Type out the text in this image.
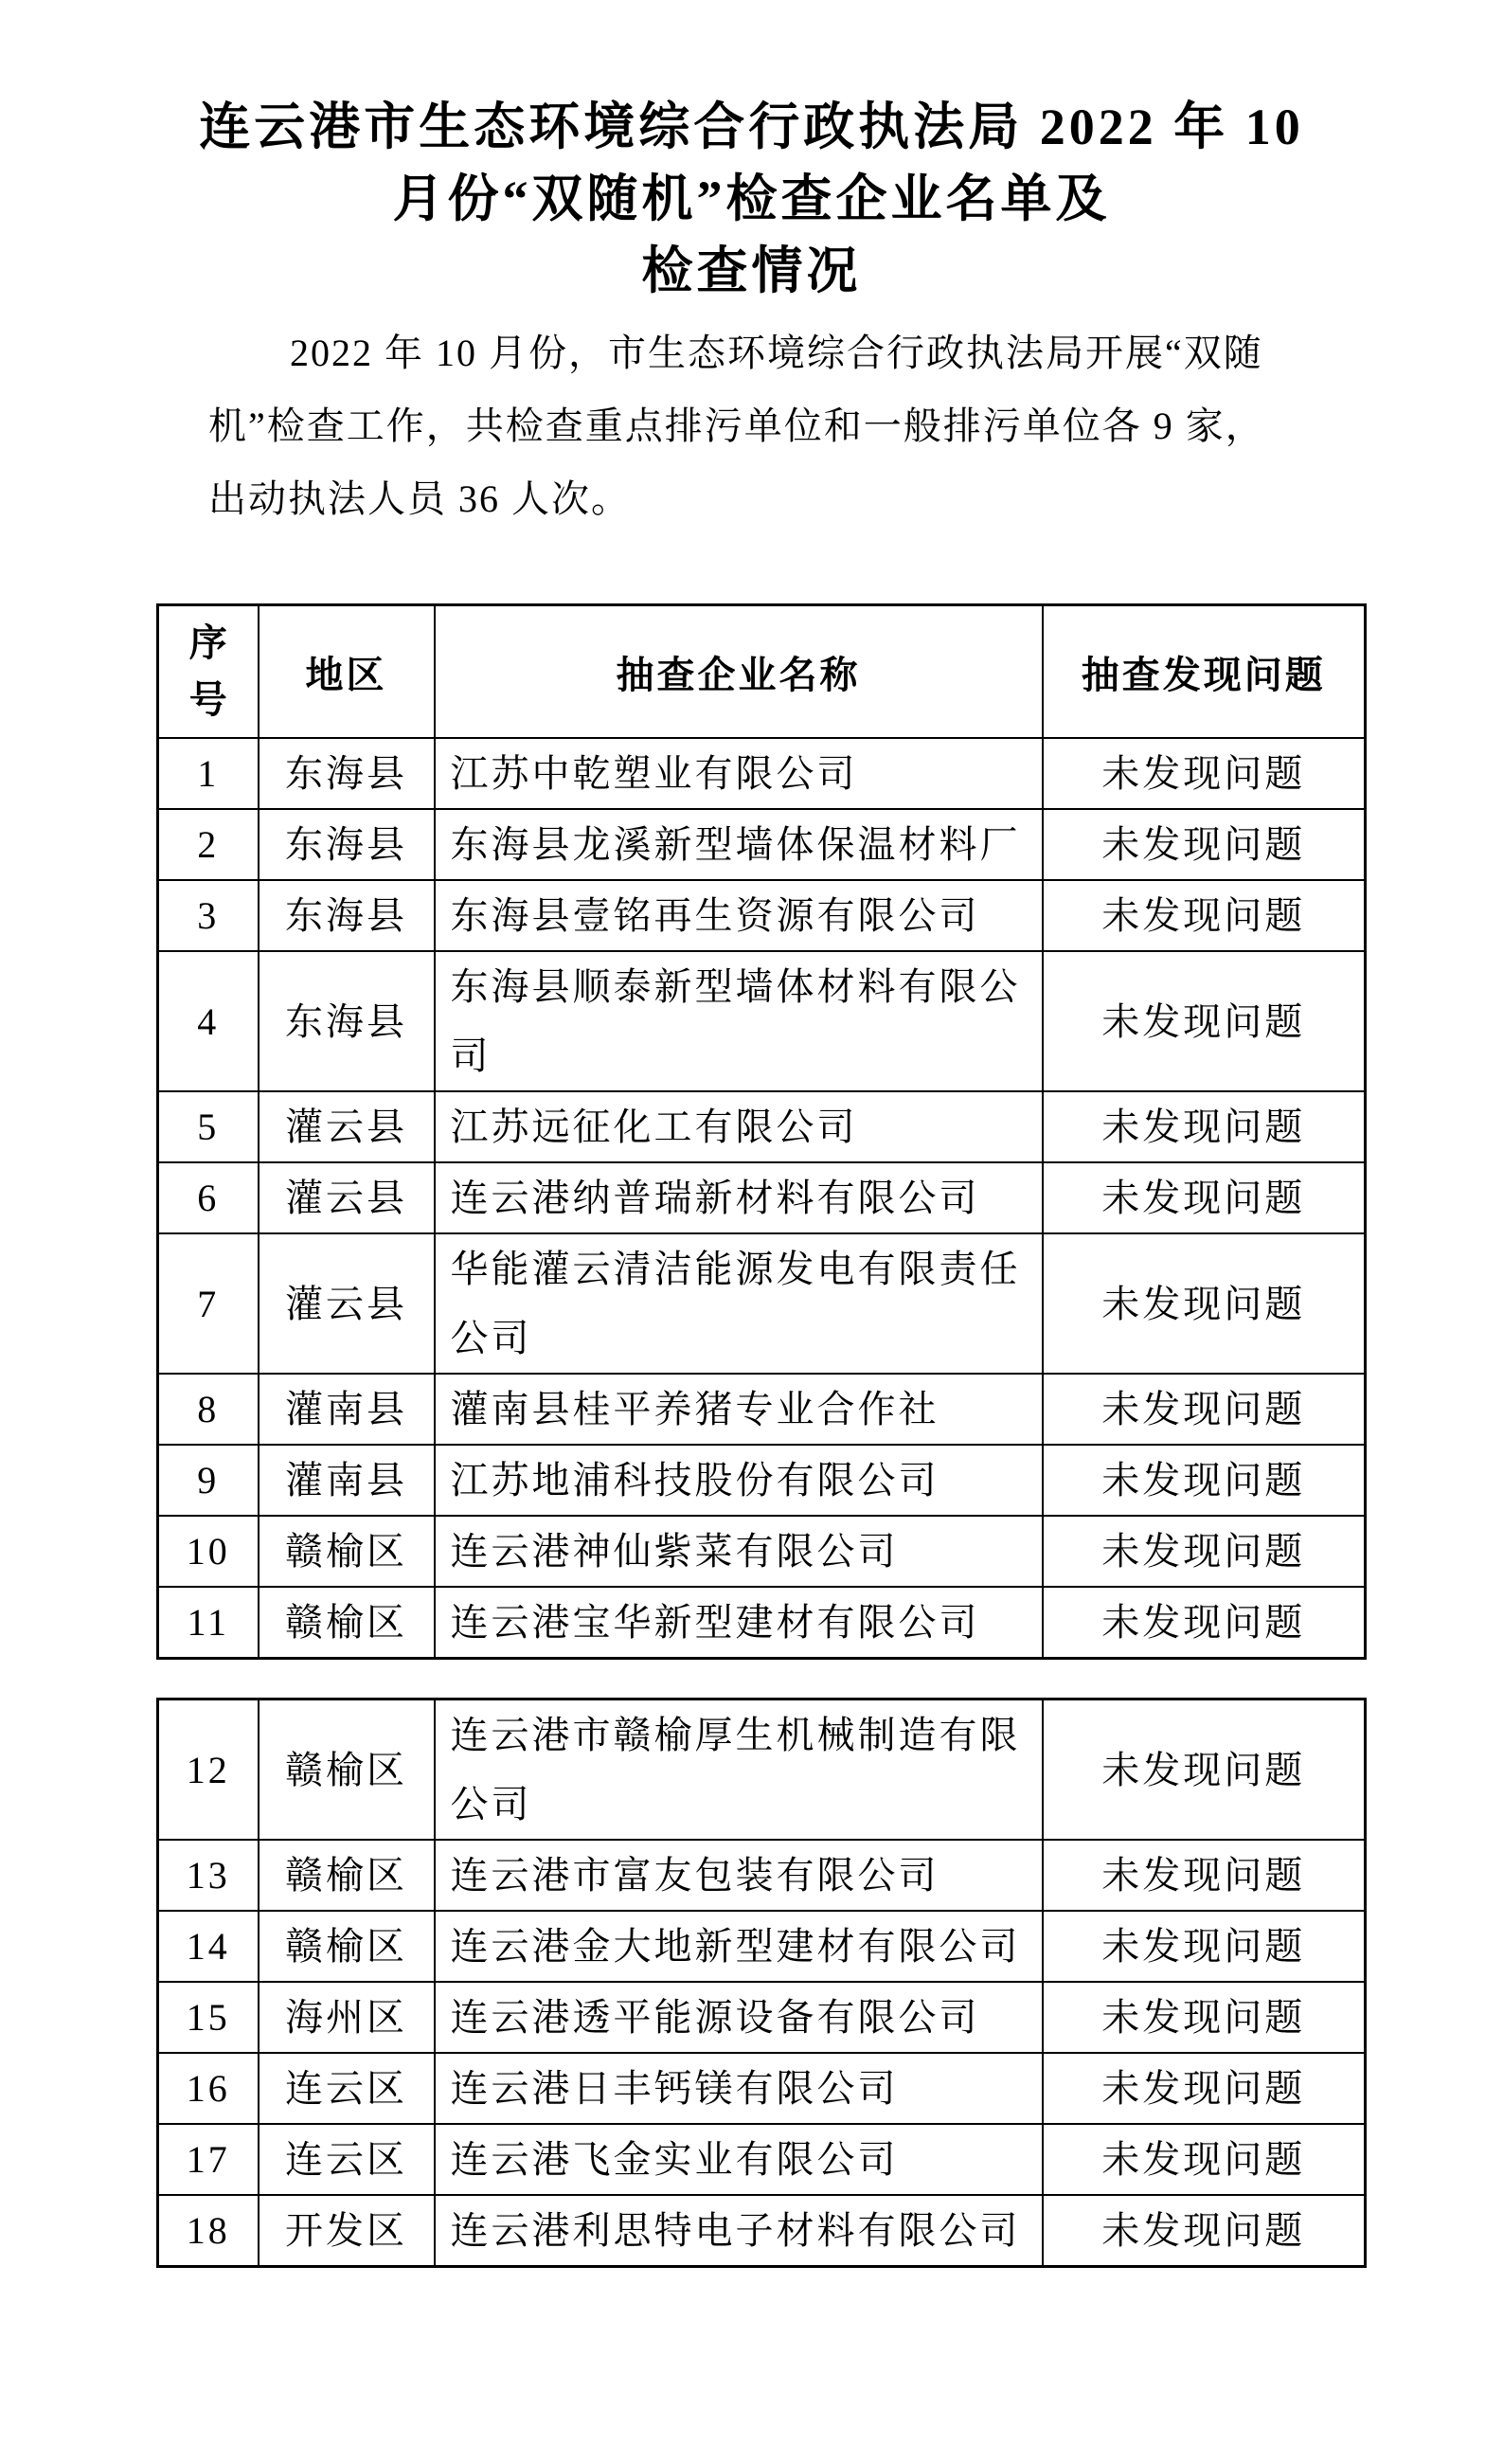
连云港市生态环境综合行政执法局 2022 年 10
月份“双随机”检查企业名单及
检查情况
2022 年 10 月份，市生态环境综合行政执法局开展“双随
机”检查工作，共检查重点排污单位和一般排污单位各 9 家，
出动执法人员 36 人次。
序号	地区	抽查企业名称	抽查发现问题
1	东海县	江苏中乾塑业有限公司	未发现问题
2	东海县	东海县龙溪新型墙体保温材料厂	未发现问题
3	东海县	东海县壹铭再生资源有限公司	未发现问题
4	东海县	东海县顺泰新型墙体材料有限公司	未发现问题
5	灌云县	江苏远征化工有限公司	未发现问题
6	灌云县	连云港纳普瑞新材料有限公司	未发现问题
7	灌云县	华能灌云清洁能源发电有限责任公司	未发现问题
8	灌南县	灌南县桂平养猪专业合作社	未发现问题
9	灌南县	江苏地浦科技股份有限公司	未发现问题
10	赣榆区	连云港神仙紫菜有限公司	未发现问题
11	赣榆区	连云港宝华新型建材有限公司	未发现问题
12	赣榆区	连云港市赣榆厚生机械制造有限公司	未发现问题
13	赣榆区	连云港市富友包装有限公司	未发现问题
14	赣榆区	连云港金大地新型建材有限公司	未发现问题
15	海州区	连云港透平能源设备有限公司	未发现问题
16	连云区	连云港日丰钙镁有限公司	未发现问题
17	连云区	连云港飞金实业有限公司	未发现问题
18	开发区	连云港利思特电子材料有限公司	未发现问题
